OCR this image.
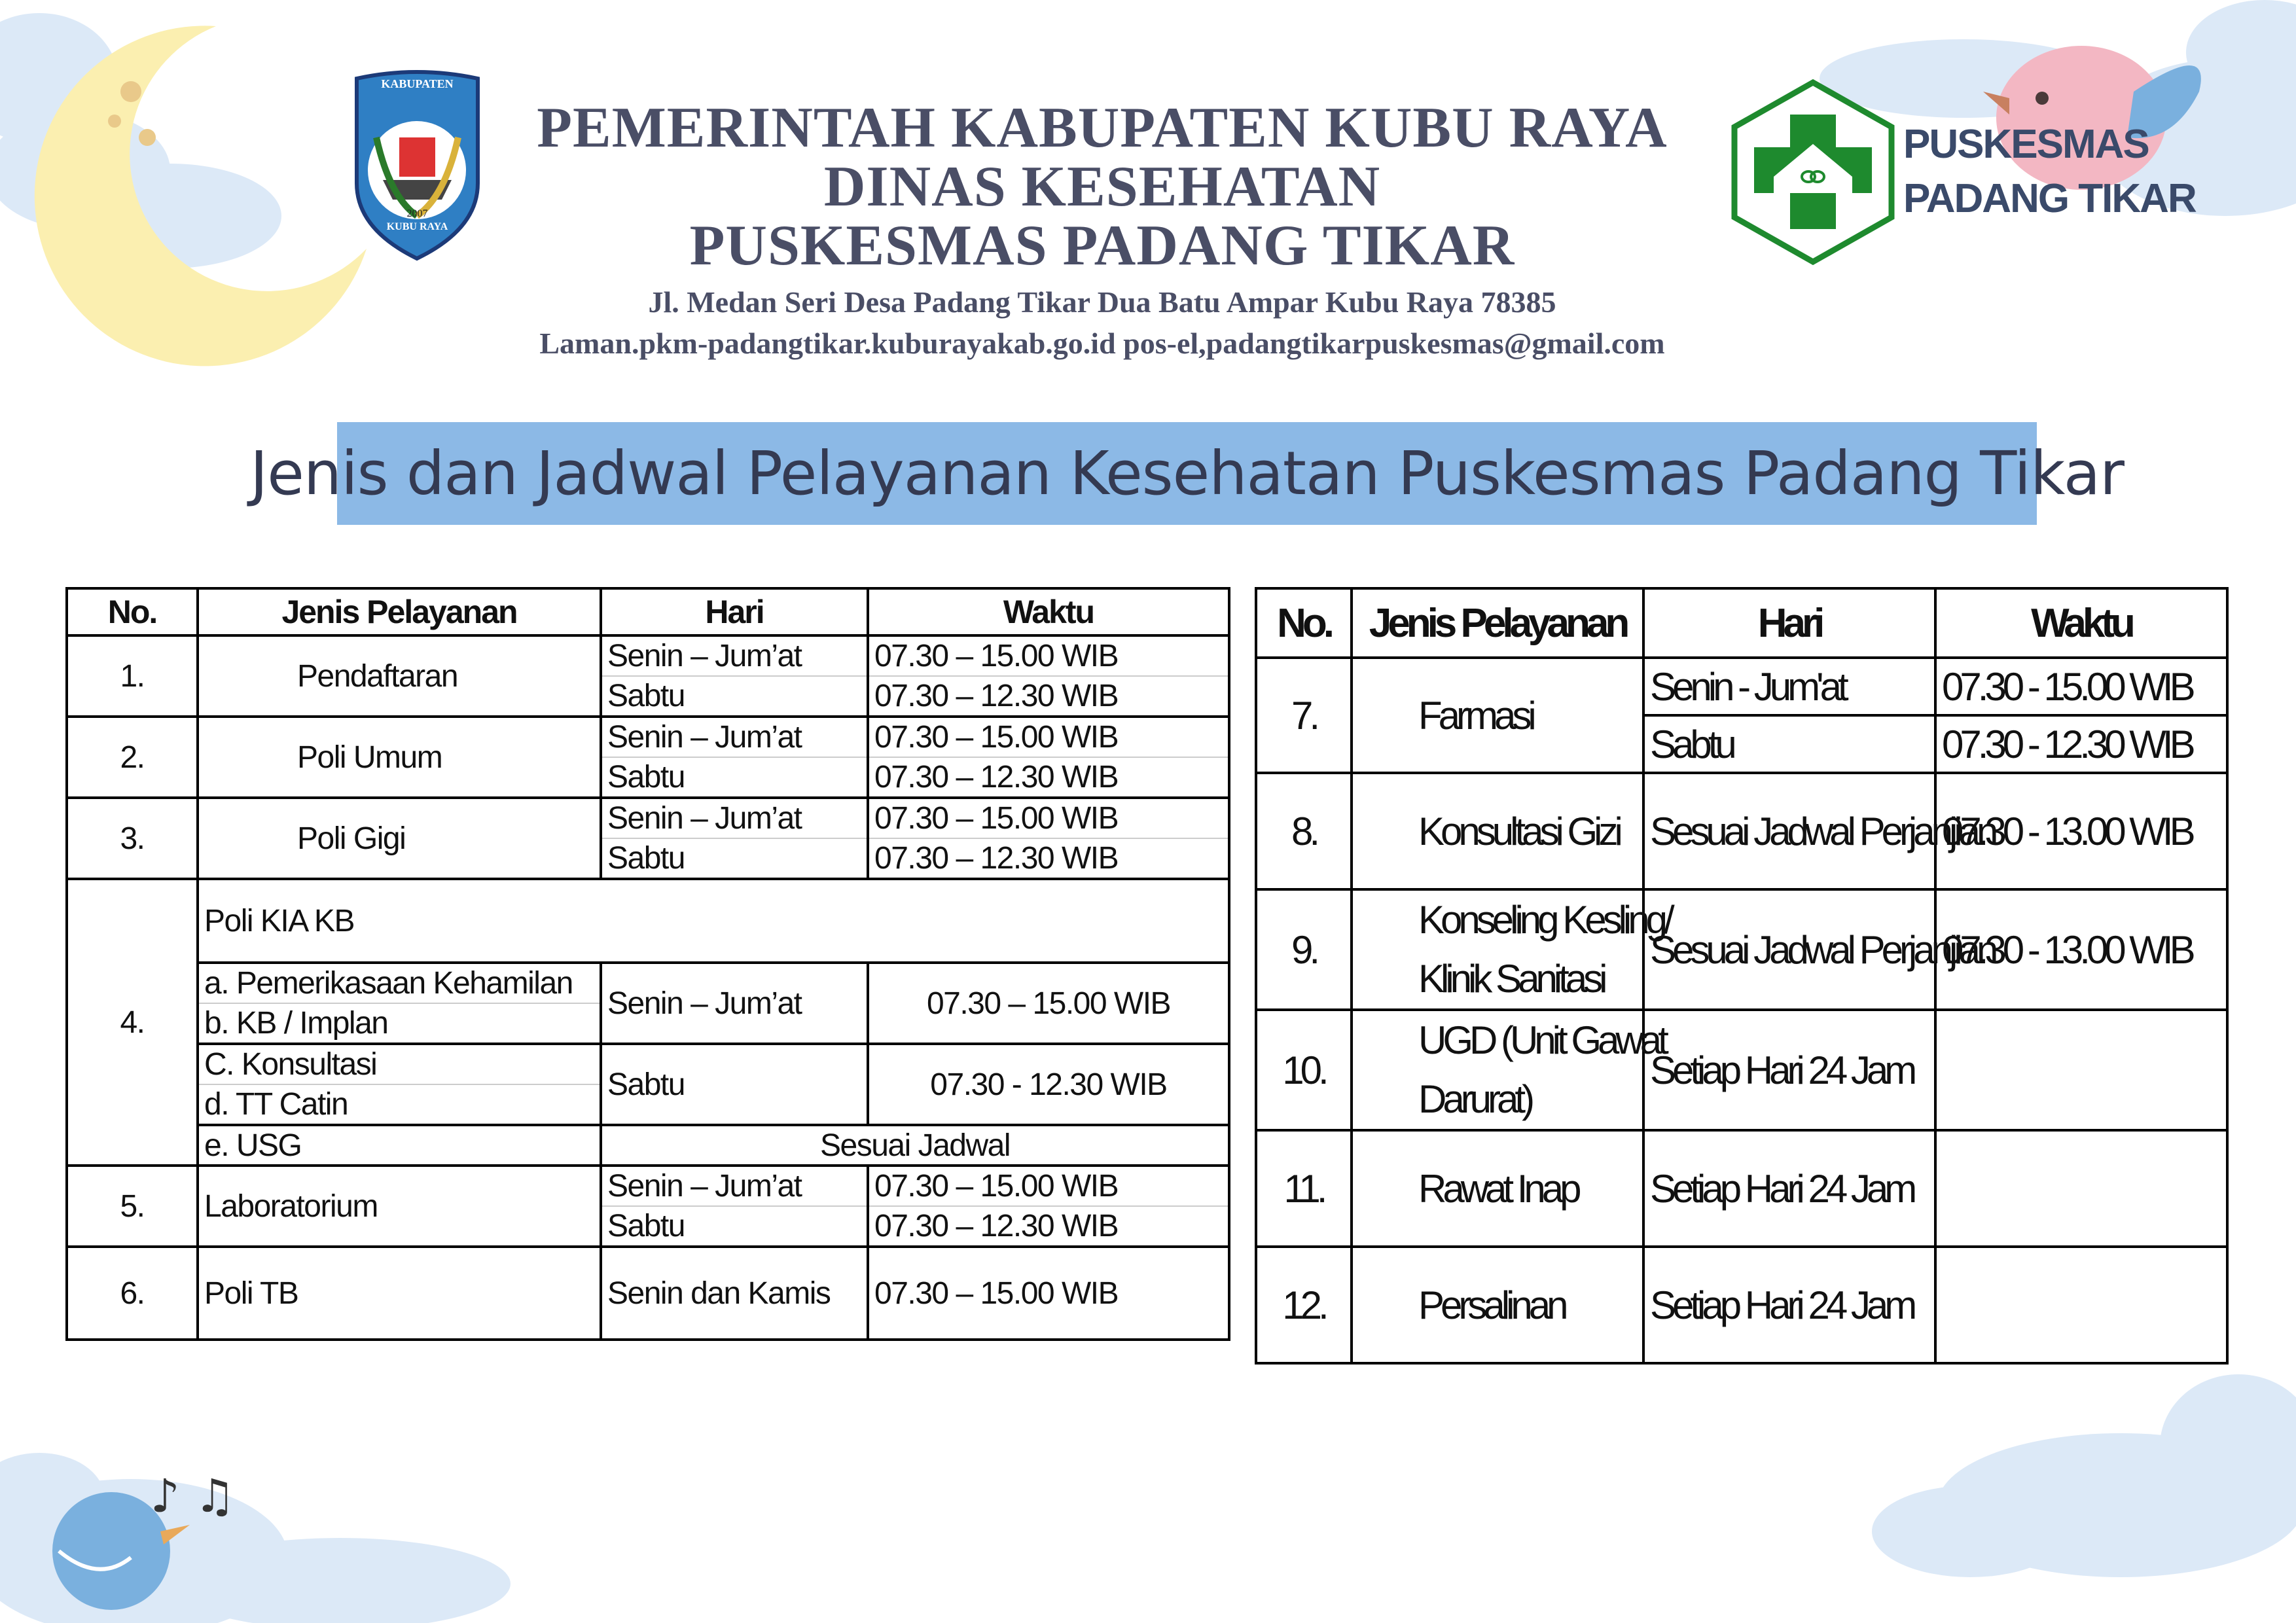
♪ ♫
KABUPATEN
2007
KUBU RAYA
PEMERINTAH KABUPATEN KUBU RAYA
DINAS KESEHATAN
PUSKESMAS PADANG TIKAR
Jl. Medan Seri Desa Padang Tikar Dua Batu Ampar Kubu Raya 78385
Laman.pkm-padangtikar.kuburayakab.go.id pos-el,padangtikarpuskesmas@gmail.com
PUSKESMAS
PADANG TIKAR
Jenis dan Jadwal Pelayanan Kesehatan Puskesmas Padang Tikar
No.	Jenis Pelayanan	Hari	Waktu
1.	Pendaftaran	Senin – Jum’at	07.30 – 15.00 WIB
		Sabtu	07.30 – 12.30 WIB
2.	Poli Umum	Senin – Jum’at	07.30 – 15.00 WIB
		Sabtu	07.30 – 12.30 WIB
3.	Poli Gigi	Senin – Jum’at	07.30 – 15.00 WIB
		Sabtu	07.30 – 12.30 WIB
4.	Poli KIA KB		
	a. Pemerikasaan Kehamilan	Senin – Jum’at	07.30 – 15.00 WIB
	b. KB / Implan		
	C. Konsultasi	Sabtu	07.30 - 12.30 WIB
	d. TT Catin		
	e. USG	Sesuai Jadwal	
5.	Laboratorium	Senin – Jum’at	07.30 – 15.00 WIB
		Sabtu	07.30 – 12.30 WIB
6.	Poli TB	Senin dan Kamis	07.30 – 15.00 WIB
No.	Jenis Pelayanan	Hari	Waktu
7.	Farmasi	Senin - Jum'at	07.30 - 15.00 WIB
		Sabtu	07.30 - 12.30 WIB
8.	Konsultasi Gizi	Sesuai Jadwal Perjanjian	07.30 - 13.00 WIB
9.	Konseling Kesling/
Klinik Sanitasi	Sesuai Jadwal Perjanjian	07.30 - 13.00 WIB
10.	UGD (Unit Gawat
Darurat)	Setiap Hari 24 Jam	
11.	Rawat Inap	Setiap Hari 24 Jam	
12.	Persalinan	Setiap Hari 24 Jam	
